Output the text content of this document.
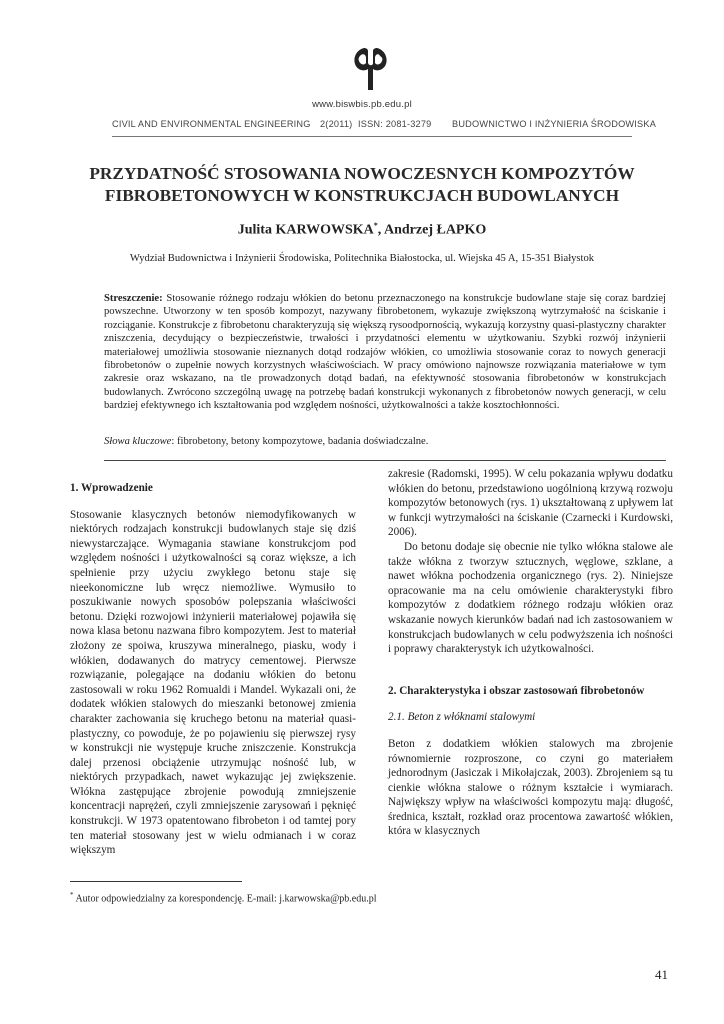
www.biswbis.pb.edu.pl
CIVIL AND ENVIRONMENTAL ENGINEERING 2(2011) ISSN: 2081-3279 BUDOWNICTWO I INŻYNIERIA ŚRODOWISKA
PRZYDATNOŚĆ STOSOWANIA NOWOCZESNYCH KOMPOZYTÓW
FIBROBETONOWYCH W KONSTRUKCJACH BUDOWLANYCH
Julita KARWOWSKA*, Andrzej ŁAPKO
Wydział Budownictwa i Inżynierii Środowiska, Politechnika Białostocka, ul. Wiejska 45 A, 15-351 Białystok
Streszczenie: Stosowanie różnego rodzaju włókien do betonu przeznaczonego na konstrukcje budowlane staje się coraz bardziej powszechne. Utworzony w ten sposób kompozyt, nazywany fibrobetonem, wykazuje zwiększoną wytrzymałość na ściskanie i rozciąganie. Konstrukcje z fibrobetonu charakteryzują się większą rysoodpornością, wykazują korzystny quasi-plastyczny charakter zniszczenia, decydujący o bezpieczeństwie, trwałości i przydatności elementu w użytkowaniu. Szybki rozwój inżynierii materiałowej umożliwia stosowanie nieznanych dotąd rodzajów włókien, co umożliwia stosowanie coraz to nowych generacji fibrobetonów o zupełnie nowych korzystnych właściwościach. W pracy omówiono najnowsze rozwiązania materiałowe w tym zakresie oraz wskazano, na tle prowadzonych dotąd badań, na efektywność stosowania fibrobetonów w konstrukcjach budowlanych. Zwrócono szczególną uwagę na potrzebę badań konstrukcji wykonanych z fibrobetonów nowych generacji, w celu bardziej efektywnego ich kształtowania pod względem nośności, użytkowalności a także kosztochłonności.
Słowa kluczowe: fibrobetony, betony kompozytowe, badania doświadczalne.

1. Wprowadzenie

Stosowanie klasycznych betonów niemodyfikowanych w niektórych rodzajach konstrukcji budowlanych staje się dziś niewystarczające. Wymagania stawiane konstrukcjom pod względem nośności i użytkowalności są coraz większe, a ich spełnienie przy użyciu zwykłego betonu staje się nieekonomiczne lub wręcz niemożliwe. Wymusiło to poszukiwanie nowych sposobów polepszania właściwości betonu. Dzięki rozwojowi inżynierii materiałowej pojawiła się nowa klasa betonu nazwana fibro kompozytem. Jest to materiał złożony ze spoiwa, kruszywa mineralnego, piasku, wody i włókien, dodawanych do matrycy cementowej. Pierwsze rozwiązanie, polegające na dodaniu włókien do betonu zastosowali w roku 1962 Romualdi i Mandel. Wykazali oni, że dodatek włókien stalowych do mieszanki betonowej zmienia charakter zachowania się kruchego betonu na materiał quasi-plastyczny, co powoduje, że po pojawieniu się pierwszej rysy w konstrukcji nie występuje kruche zniszczenie. Konstrukcja dalej przenosi obciążenie utrzymując nośność lub, w niektórych przypadkach, nawet wykazując jej zwiększenie. Włókna zastępujące zbrojenie powodują zmniejszenie koncentracji naprężeń, czyli zmniejszenie zarysowań i pęknięć konstrukcji. W 1973 opatentowano fibrobeton i od tamtej pory ten materiał stosowany jest w wielu odmianach i w coraz większym

zakresie (Radomski, 1995). W celu pokazania wpływu dodatku włókien do betonu, przedstawiono uogólnioną krzywą rozwoju kompozytów betonowych (rys. 1) ukształtowaną z upływem lat w funkcji wytrzymałości na ściskanie (Czarnecki i Kurdowski, 2006).

Do betonu dodaje się obecnie nie tylko włókna stalowe ale także włókna z tworzyw sztucznych, węglowe, szklane, a nawet włókna pochodzenia organicznego (rys. 2). Niniejsze opracowanie ma na celu omówienie charakterystyki fibro kompozytów z dodatkiem różnego rodzaju włókien oraz wskazanie nowych kierunków badań nad ich zastosowaniem w konstrukcjach budowlanych w celu podwyższenia ich nośności i poprawy charakterystyk ich użytkowalności.

2. Charakterystyka i obszar zastosowań fibrobetonów

2.1. Beton z włóknami stalowymi

Beton z dodatkiem włókien stalowych ma zbrojenie równomiernie rozproszone, co czyni go materiałem jednorodnym (Jasiczak i Mikołajczak, 2003). Zbrojeniem są tu cienkie włókna stalowe o różnym kształcie i wymiarach. Największy wpływ na właściwości kompozytu mają: długość, średnica, kształt, rozkład oraz procentowa zawartość włókien, która w klasycznych

* Autor odpowiedzialny za korespondencję. E-mail: j.karwowska@pb.edu.pl
41
